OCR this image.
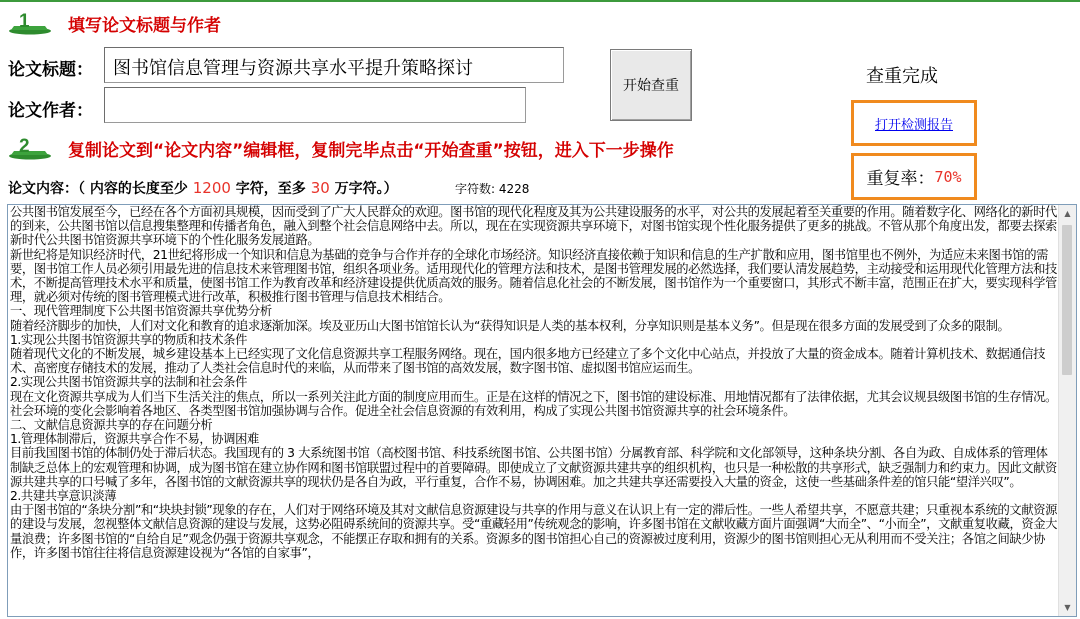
1 填写论文标题与作者
论文标题：	图书馆信息管理与资源共享水平提升策略探讨
论文作者：
开始查重	查重完成
打开检测报告
重复率： 70%
2 复制论文到“论文内容”编辑框，复制完毕点击“开始查重”按钮，进入下一步操作
论文内容：（ 内容的长度至少 1200 字符，至多 30 万字符。）	字符数: 4228
公共图书馆发展至今，已经在各个方面初具规模，因而受到了广大人民群众的欢迎。图书馆的现代化程度及其为公共建设服务的水平，对公共的发展起着至关重要的作用。随着数字化、网络化的新时代的到来，公共图书馆以信息搜集整理和传播者角色，融入到整个社会信息网络中去。所以，现在在实现资源共享环境下，对图书馆实现个性化服务提供了更多的挑战。不管从那个角度出发，都要去探索新时代公共图书馆资源共享环境下的个性化服务发展道路。
新世纪将是知识经济时代，21世纪将形成一个知识和信息为基础的竞争与合作并存的全球化市场经济。知识经济直接依赖于知识和信息的生产扩散和应用，图书馆里也不例外，为适应未来图书馆的需要，图书馆工作人员必须引用最先进的信息技术来管理图书馆，组织各项业务。适用现代化的管理方法和技术，是图书管理发展的必然选择，我们要认清发展趋势，主动接受和运用现代化管理方法和技术，不断提高管理技术水平和质量，使图书馆工作为教育改革和经济建设提供优质高效的服务。随着信息化社会的不断发展，图书馆作为一个重要窗口，其形式不断丰富，范围正在扩大，要实现科学管理，就必须对传统的图书管理模式进行改革，积极推行图书管理与信息技术相结合。
一、现代管理制度下公共图书馆资源共享优势分析
随着经济脚步的加快，人们对文化和教育的追求逐渐加深。埃及亚历山大图书馆馆长认为“获得知识是人类的基本权利，分享知识则是基本义务”。但是现在很多方面的发展受到了众多的限制。
1.实现公共图书馆资源共享的物质和技术条件
随着现代文化的不断发展，城乡建设基本上已经实现了文化信息资源共享工程服务网络。现在，国内很多地方已经建立了多个文化中心站点，并投放了大量的资金成本。随着计算机技术、数据通信技术、高密度存储技术的发展，推动了人类社会信息时代的来临，从而带来了图书馆的高效发展，数字图书馆、虚拟图书馆应运而生。
2.实现公共图书馆资源共享的法制和社会条件
现在文化资源共享成为人们当下生活关注的焦点，所以一系列关注此方面的制度应用而生。正是在这样的情况之下，图书馆的建设标准、用地情况都有了法律依据，尤其会议规县级图书馆的生存情况。社会环境的变化会影响着各地区、各类型图书馆加强协调与合作。促进全社会信息资源的有效利用，构成了实现公共图书馆资源共享的社会环境条件。
二、文献信息资源共享的存在问题分析
1.管理体制滞后，资源共享合作不易，协调困难
目前我国图书馆的体制仍处于滞后状态。我国现有的 3 大系统图书馆（高校图书馆、科技系统图书馆、公共图书馆）分属教育部、科学院和文化部领导，这种条块分割、各自为政、自成体系的管理体制缺乏总体上的宏观管理和协调，成为图书馆在建立协作网和图书馆联盟过程中的首要障碍。即使成立了文献资源共建共享的组织机构，也只是一种松散的共享形式，缺乏强制力和约束力。因此文献资源共建共享的口号喊了多年，各图书馆的文献资源共享的现状仍是各自为政，平行重复，合作不易，协调困难。加之共建共享还需要投入大量的资金，这使一些基础条件差的馆只能“望洋兴叹”。
2.共建共享意识淡薄
由于图书馆的“条块分割”和“块块封锁”现象的存在，人们对于网络环境及其对文献信息资源建设与共享的作用与意义在认识上有一定的滞后性。一些人希望共享，不愿意共建；只重视本系统的文献资源的建设与发展，忽视整体文献信息资源的建设与发展，这势必阻碍系统间的资源共享。受“重藏轻用”传统观念的影响，许多图书馆在文献收藏方面片面强调“大而全”、“小而全”，文献重复收藏，资金大量浪费；许多图书馆的“自给自足”观念仍强于资源共享观念，不能摆正存取和拥有的关系。资源多的图书馆担心自己的资源被过度利用，资源少的图书馆则担心无从利用而不受关注；各馆之间缺少协作，许多图书馆往往将信息资源建设视为“各馆的自家事”，
▲
▼
